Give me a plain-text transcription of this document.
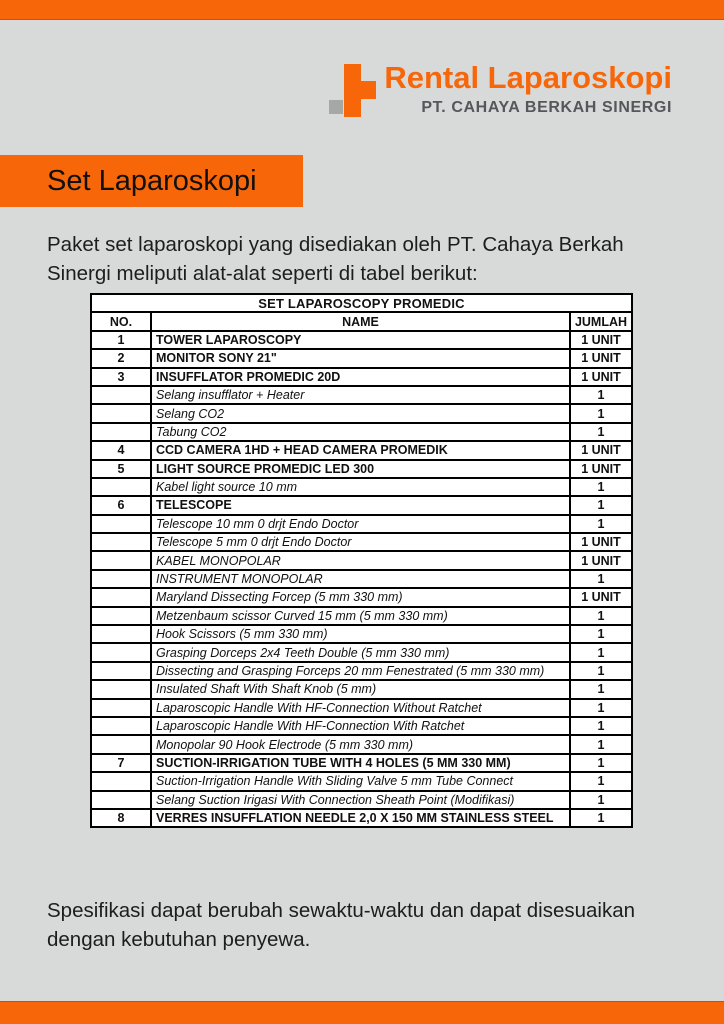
Rental Laparoskopi
PT. CAHAYA BERKAH SINERGI
Set Laparoskopi

Paket set laparoskopi yang disediakan oleh PT. Cahaya Berkah Sinergi meliputi alat-alat seperti di tabel berikut:

SET LAPAROSCOPY PROMEDIC		
NO.	NAME	JUMLAH
1	TOWER LAPAROSCOPY	1 UNIT
2	MONITOR SONY 21"	1 UNIT
3	INSUFFLATOR PROMEDIC 20D	1 UNIT
	Selang insufflator + Heater	1
	Selang CO2	1
	Tabung CO2	1
4	CCD CAMERA 1HD + HEAD CAMERA PROMEDIK	1 UNIT
5	LIGHT SOURCE PROMEDIC LED 300	1 UNIT
	Kabel light source 10 mm	1
6	TELESCOPE	1
	Telescope 10 mm 0 drjt Endo Doctor	1
	Telescope 5 mm 0 drjt Endo Doctor	1 UNIT
	KABEL MONOPOLAR	1 UNIT
	INSTRUMENT MONOPOLAR	1
	Maryland Dissecting Forcep (5 mm 330 mm)	1 UNIT
	Metzenbaum scissor Curved 15 mm (5 mm 330 mm)	1
	Hook Scissors (5 mm 330 mm)	1
	Grasping Dorceps 2x4 Teeth Double (5 mm 330 mm)	1
	Dissecting and Grasping Forceps 20 mm Fenestrated (5 mm 330 mm)	1
	Insulated Shaft With Shaft Knob (5 mm)	1
	Laparoscopic Handle With HF-Connection Without Ratchet	1
	Laparoscopic Handle With HF-Connection With Ratchet	1
	Monopolar 90 Hook Electrode (5 mm 330 mm)	1
7	SUCTION-IRRIGATION TUBE WITH 4 HOLES (5 MM 330 MM)	1
	Suction-Irrigation Handle With Sliding Valve 5 mm Tube Connect	1
	Selang Suction Irigasi With Connection Sheath Point (Modifikasi)	1
8	VERRES INSUFFLATION NEEDLE 2,0 X 150 MM STAINLESS STEEL	1

Spesifikasi dapat berubah sewaktu-waktu dan dapat disesuaikan dengan kebutuhan penyewa.
